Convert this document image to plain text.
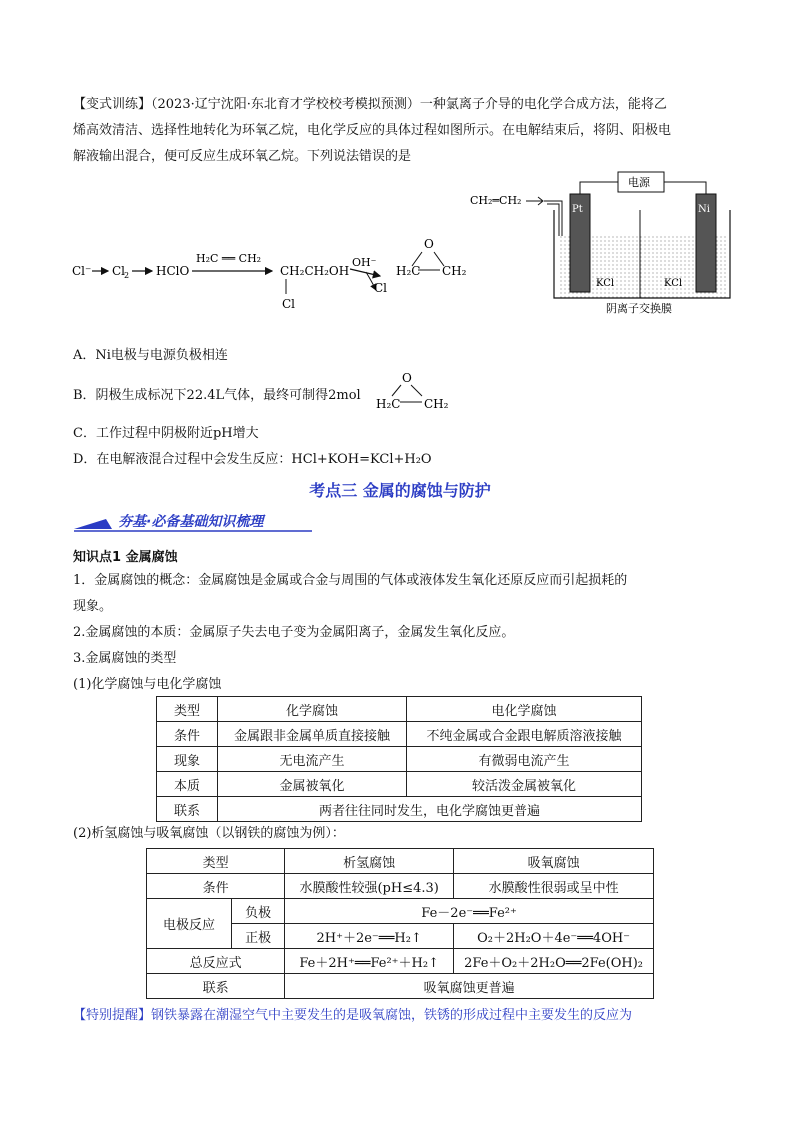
【变式训练】（2023·辽宁沈阳·东北育才学校校考模拟预测）一种氯离子介导的电化学合成方法，能将乙
烯高效清洁、选择性地转化为环氧乙烷，电化学反应的具体过程如图所示。在电解结束后，将阴、阳极电
解液输出混合，便可反应生成环氧乙烷。下列说法错误的是
Cl⁻ Cl
2 HClO
H₂C ══ CH₂
CH₂CH₂OH
Cl
OH⁻
Cl
O
H₂C CH₂
CH₂═CH₂
电源
Pt	Ni
KCl	KCl
阴离子交换膜
A．Ni电极与电源负极相连
B．阴极生成标况下22.4L气体，最终可制得2mol
O
H₂C CH₂
C．工作过程中阴极附近pH增大
D．在电解液混合过程中会发生反应：HCl+KOH=KCl+H₂O
考点三 金属的腐蚀与防护
夯基·必备基础知识梳理
知识点1 金属腐蚀
1．金属腐蚀的概念：金属腐蚀是金属或合金与周围的气体或液体发生氧化还原反应而引起损耗的
现象。
2.金属腐蚀的本质：金属原子失去电子变为金属阳离子，金属发生氧化反应。
3.金属腐蚀的类型
(1)化学腐蚀与电化学腐蚀
类型	化学腐蚀	电化学腐蚀
条件	金属跟非金属单质直接接触	不纯金属或合金跟电解质溶液接触
现象	无电流产生	有微弱电流产生
本质	金属被氧化	较活泼金属被氧化
联系	两者往往同时发生，电化学腐蚀更普遍	
(2)析氢腐蚀与吸氧腐蚀（以钢铁的腐蚀为例）：
类型		析氢腐蚀	吸氧腐蚀
条件		水膜酸性较强(pH≤4.3)	水膜酸性很弱或呈中性
电极反应	负极	Fe－2e⁻══Fe²⁺	
	正极	2H⁺＋2e⁻══H₂↑	O₂＋2H₂O＋4e⁻══4OH⁻
总反应式		Fe＋2H⁺══Fe²⁺＋H₂↑	2Fe＋O₂＋2H₂O══2Fe(OH)₂
联系		吸氧腐蚀更普遍	
【特别提醒】钢铁暴露在潮湿空气中主要发生的是吸氧腐蚀，铁锈的形成过程中主要发生的反应为
